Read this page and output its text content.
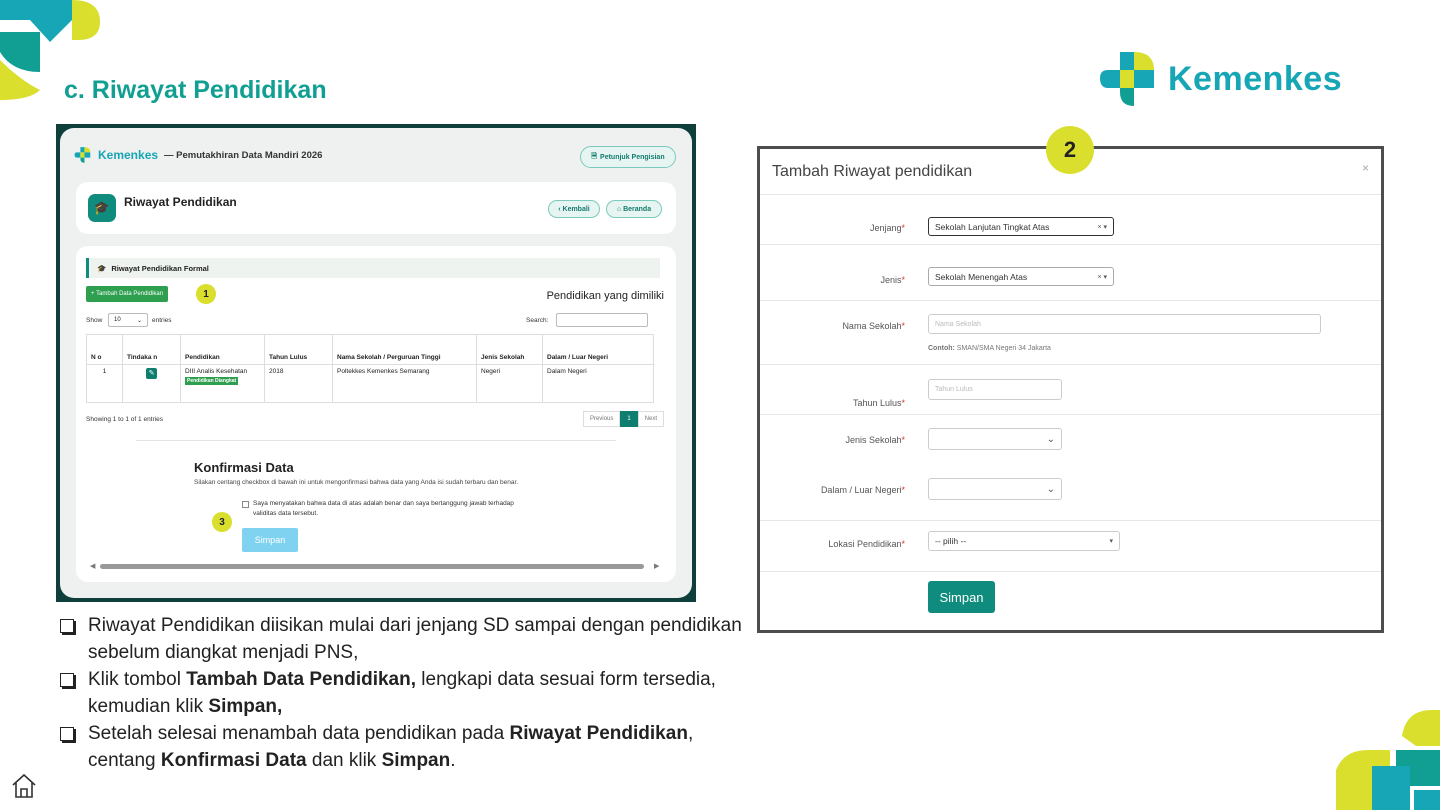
c. Riwayat Pendidikan	Kemenkes
Kemenkes — Pemutakhiran Data Mandiri 2026	🗎 Petunjuk Pengisian
🎓	Riwayat Pendidikan	‹ Kembali	⌂ Beranda
🎓 Riwayat Pendidikan Formal
+ Tambah Data Pendidikan	1	Pendidikan yang dimiliki
Show	10	⌄ entries	Search:
N o	Tindaka n	Pendidikan	Tahun Lulus	Nama Sekolah / Perguruan Tinggi	Jenis Sekolah	Dalam / Luar Negeri
1	✎	DIII Analis Kesehatan
Pendidikan Diangkat	2018	Poltekkes Kemenkes Semarang	Negeri	Dalam Negeri
Showing 1 to 1 of 1 entries	Previous	1	Next
Konfirmasi Data
Silakan centang checkbox di bawah ini untuk mengonfirmasi bahwa data yang Anda isi sudah terbaru dan benar.
Saya menyatakan bahwa data di atas adalah benar dan saya bertanggung jawab terhadap validitas data tersebut.
3
Simpan
◀	▶
Riwayat Pendidikan diisikan mulai dari jenjang SD sampai dengan pendidikan sebelum diangkat menjadi PNS,
Klik tombol Tambah Data Pendidikan, lengkapi data sesuai form tersedia, kemudian klik Simpan,
Setelah selesai menambah data pendidikan pada Riwayat Pendidikan, centang Konfirmasi Data dan klik Simpan.
Tambah Riwayat pendidikan	×
Jenjang*	Sekolah Lanjutan Tingkat Atas	× ▾
Jenis*	Sekolah Menengah Atas	× ▾
Nama Sekolah*	Nama Sekolah
Contoh: SMAN/SMA Negeri 34 Jakarta
Tahun Lulus*
Tahun Lulus
Jenis Sekolah*	⌄
Dalam / Luar Negeri*	⌄
Lokasi Pendidikan*	-- pilih --	▾
Simpan
2
